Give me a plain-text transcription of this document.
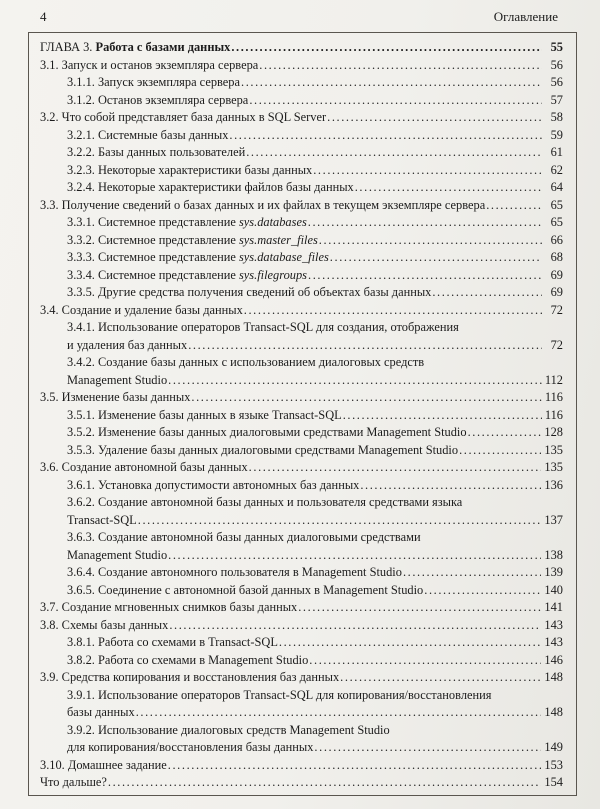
4	Оглавление
ГЛАВА 3. Работа с базами данных .....	55
3.1. Запуск и останов экземпляра сервера .....	56
3.1.1. Запуск экземпляра сервера .....	56
3.1.2. Останов экземпляра сервера .....	57
3.2. Что собой представляет база данных в SQL Server .....	58
3.2.1. Системные базы данных .....	59
3.2.2. Базы данных пользователей .....	61
3.2.3. Некоторые характеристики базы данных .....	62
3.2.4. Некоторые характеристики файлов базы данных .....	64
3.3. Получение сведений о базах данных и их файлах в текущем экземпляре сервера .....	65
3.3.1. Системное представление sys.databases .....	65
3.3.2. Системное представление sys.master_files .....	66
3.3.3. Системное представление sys.database_files .....	68
3.3.4. Системное представление sys.filegroups .....	69
3.3.5. Другие средства получения сведений об объектах базы данных .....	69
3.4. Создание и удаление базы данных .....	72
3.4.1. Использование операторов Transact-SQL для создания, отображения
и удаления баз данных .....	72
3.4.2. Создание базы данных с использованием диалоговых средств
Management Studio .....	112
3.5. Изменение базы данных .....	116
3.5.1. Изменение базы данных в языке Transact-SQL .....	116
3.5.2. Изменение базы данных диалоговыми средствами Management Studio .....	128
3.5.3. Удаление базы данных диалоговыми средствами Management Studio .....	135
3.6. Создание автономной базы данных .....	135
3.6.1. Установка допустимости автономных баз данных .....	136
3.6.2. Создание автономной базы данных и пользователя средствами языка
Transact-SQL .....	137
3.6.3. Создание автономной базы данных диалоговыми средствами
Management Studio .....	138
3.6.4. Создание автономного пользователя в Management Studio .....	139
3.6.5. Соединение с автономной базой данных в Management Studio .....	140
3.7. Создание мгновенных снимков базы данных .....	141
3.8. Схемы базы данных .....	143
3.8.1. Работа со схемами в Transact-SQL .....	143
3.8.2. Работа со схемами в Management Studio .....	146
3.9. Средства копирования и восстановления баз данных .....	148
3.9.1. Использование операторов Transact-SQL для копирования/восстановления
базы данных .....	148
3.9.2. Использование диалоговых средств Management Studio
для копирования/восстановления базы данных .....	149
3.10. Домашнее задание .....	153
Что дальше? .....	154
